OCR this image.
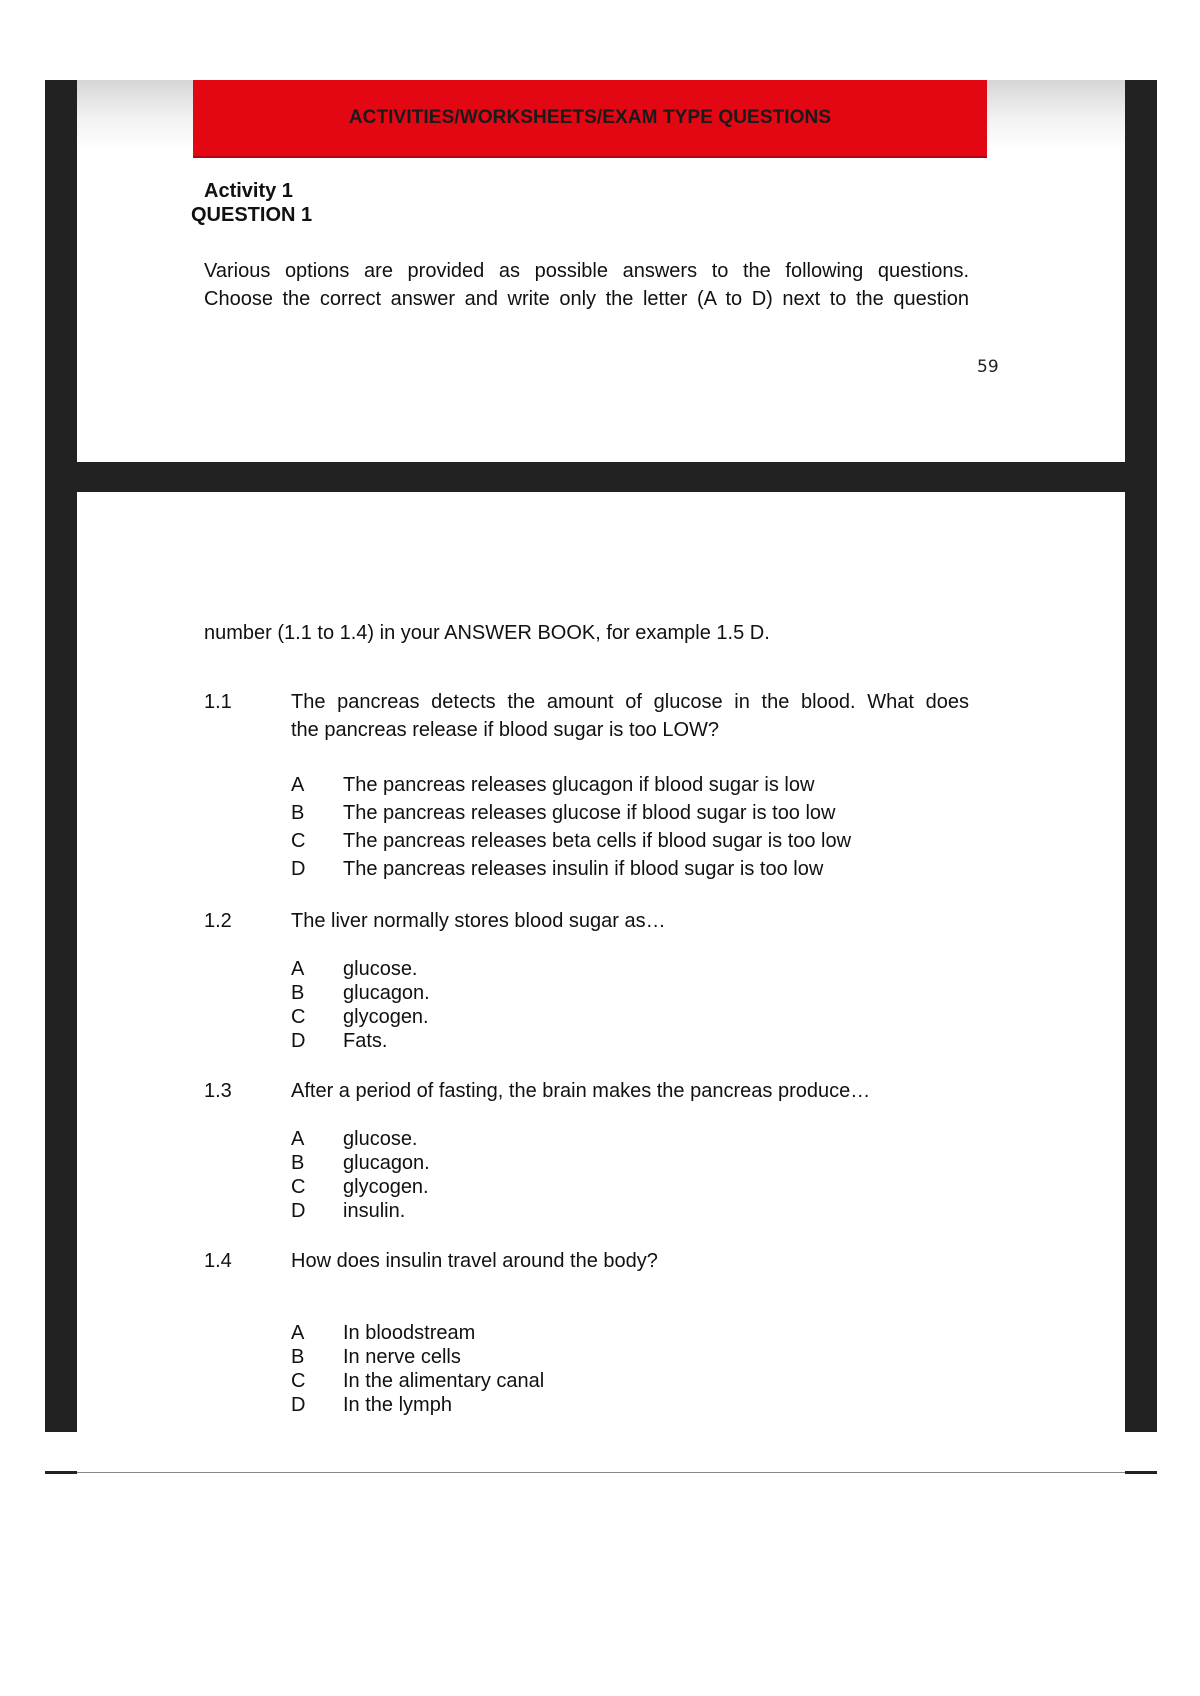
ACTIVITIES/WORKSHEETS/EXAM TYPE QUESTIONS
Activity 1
QUESTION 1
Various options are provided as possible answers to the following questions.
Choose the correct answer and write only the letter (A to D) next to the question
59
number (1.1 to 1.4) in your ANSWER BOOK, for example 1.5 D.
1.1	The pancreas detects the amount of glucose in the blood. What does
the pancreas release if blood sugar is too LOW?
A The pancreas releases glucagon if blood sugar is low
B The pancreas releases glucose if blood sugar is too low
C The pancreas releases beta cells if blood sugar is too low
D The pancreas releases insulin if blood sugar is too low
1.2	The liver normally stores blood sugar as…
A glucose.
B glucagon.
C glycogen.
D Fats.
1.3	After a period of fasting, the brain makes the pancreas produce…
A glucose.
B glucagon.
C glycogen.
D insulin.
1.4	How does insulin travel around the body?
A In bloodstream
B In nerve cells
C In the alimentary canal
D In the lymph
